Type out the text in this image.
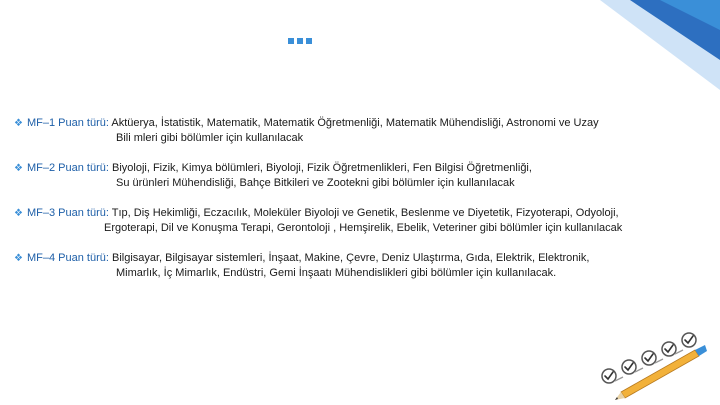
❖ MF–1 Puan türü: Aktüerya, İstatistik, Matematik, Matematik Öğretmenliği, Matematik Mühendisliği, Astronomi ve Uzay
Bili mleri gibi bölümler için kullanılacak
❖ MF–2 Puan türü: Biyoloji, Fizik, Kimya bölümleri, Biyoloji, Fizik Öğretmenlikleri, Fen Bilgisi Öğretmenliği,
Su ürünleri Mühendisliği, Bahçe Bitkileri ve Zootekni gibi bölümler için kullanılacak
❖ MF–3 Puan türü: Tıp, Diş Hekimliği, Eczacılık, Moleküler Biyoloji ve Genetik, Beslenme ve Diyetetik, Fizyoterapi, Odyoloji,
Ergoterapi, Dil ve Konuşma Terapi, Gerontoloji , Hemşirelik, Ebelik, Veteriner gibi bölümler için kullanılacak
❖ MF–4 Puan türü: Bilgisayar, Bilgisayar sistemleri, İnşaat, Makine, Çevre, Deniz Ulaştırma, Gıda, Elektrik, Elektronik,
Mimarlık, İç Mimarlık, Endüstri, Gemi İnşaatı Mühendislikleri gibi bölümler için kullanılacak.
